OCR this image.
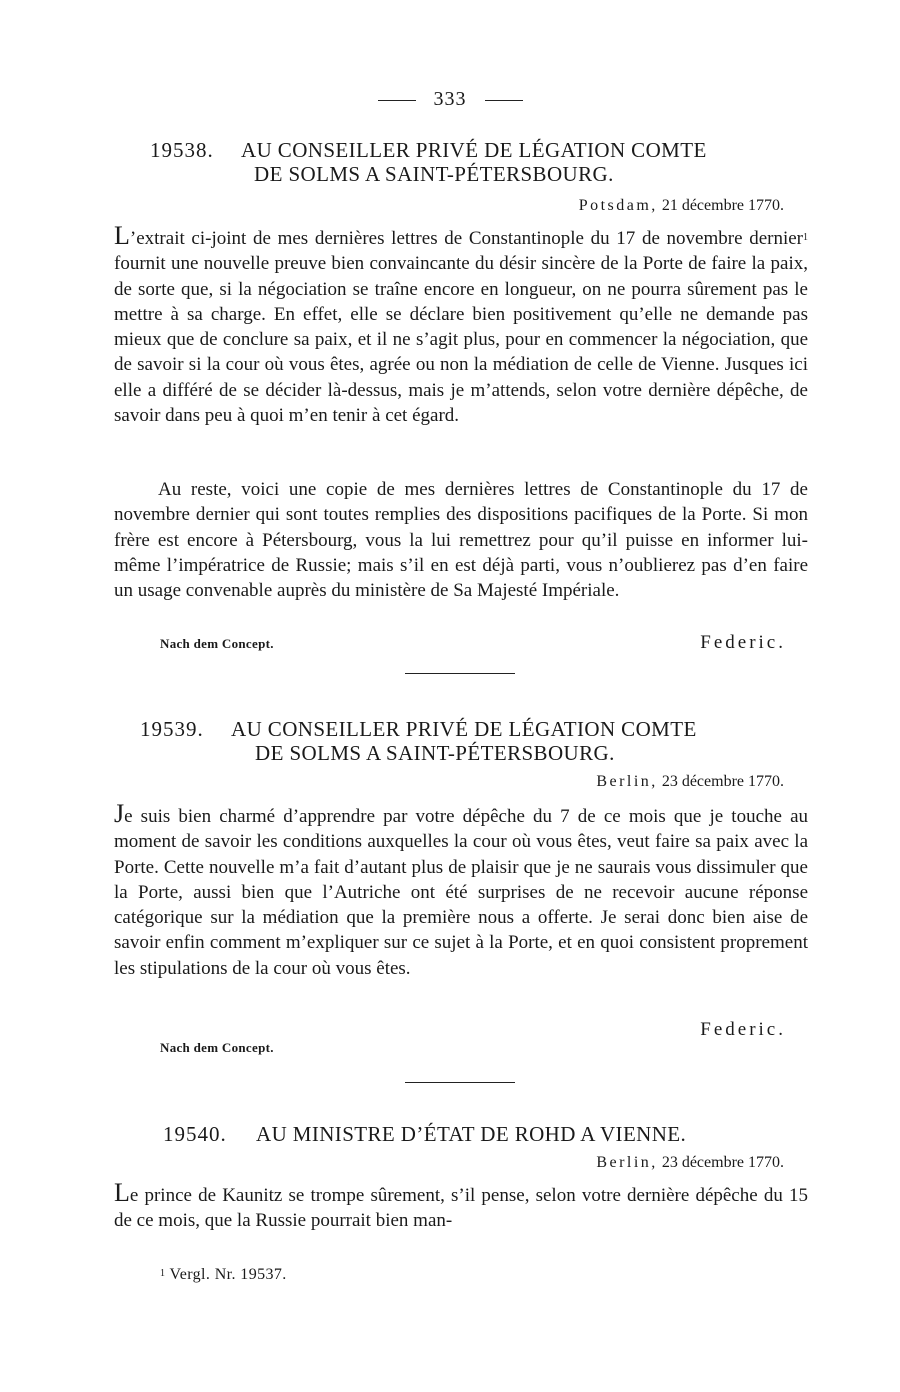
333
19538. AU CONSEILLER PRIVÉ DE LÉGATION COMTE
DE SOLMS A SAINT-PÉTERSBOURG.
Potsdam, 21 décembre 1770.

L’extrait ci-joint de mes dernières lettres de Constantinople du 17 de novembre dernier$^1$ fournit une nouvelle preuve bien convaincante du désir sincère de la Porte de faire la paix, de sorte que, si la négociation se traîne encore en longueur, on ne pourra sûrement pas le mettre à sa charge. En effet, elle se déclare bien positivement qu’elle ne demande pas mieux que de conclure sa paix, et il ne s’agit plus, pour en commencer la négociation, que de savoir si la cour où vous êtes, agrée ou non la médiation de celle de Vienne. Jusques ici elle a différé de se décider là-dessus, mais je m’attends, selon votre dernière dépêche, de savoir dans peu à quoi m’en tenir à cet égard.

Au reste, voici une copie de mes dernières lettres de Constantinople du 17 de novembre dernier qui sont toutes remplies des dispositions pacifiques de la Porte. Si mon frère est encore à Pétersbourg, vous la lui remettrez pour qu’il puisse en informer lui-même l’impératrice de Russie; mais s’il en est déjà parti, vous n’oublierez pas d’en faire un usage convenable auprès du ministère de Sa Majesté Impériale.

Nach dem Concept.	Federic.
19539. AU CONSEILLER PRIVÉ DE LÉGATION COMTE
DE SOLMS A SAINT-PÉTERSBOURG.
Berlin, 23 décembre 1770.

Je suis bien charmé d’apprendre par votre dépêche du 7 de ce mois que je touche au moment de savoir les conditions auxquelles la cour où vous êtes, veut faire sa paix avec la Porte. Cette nouvelle m’a fait d’autant plus de plaisir que je ne saurais vous dissimuler que la Porte, aussi bien que l’Autriche ont été surprises de ne recevoir aucune réponse catégorique sur la médiation que la première nous a offerte. Je serai donc bien aise de savoir enfin comment m’expliquer sur ce sujet à la Porte, et en quoi consistent proprement les stipulations de la cour où vous êtes.

Nach dem Concept.
Federic.
19540. AU MINISTRE D’ÉTAT DE ROHD A VIENNE.
Berlin, 23 décembre 1770.

Le prince de Kaunitz se trompe sûrement, s’il pense, selon votre dernière dépêche du 15 de ce mois, que la Russie pourrait bien man-

$^1$ Vergl. Nr. 19537.
